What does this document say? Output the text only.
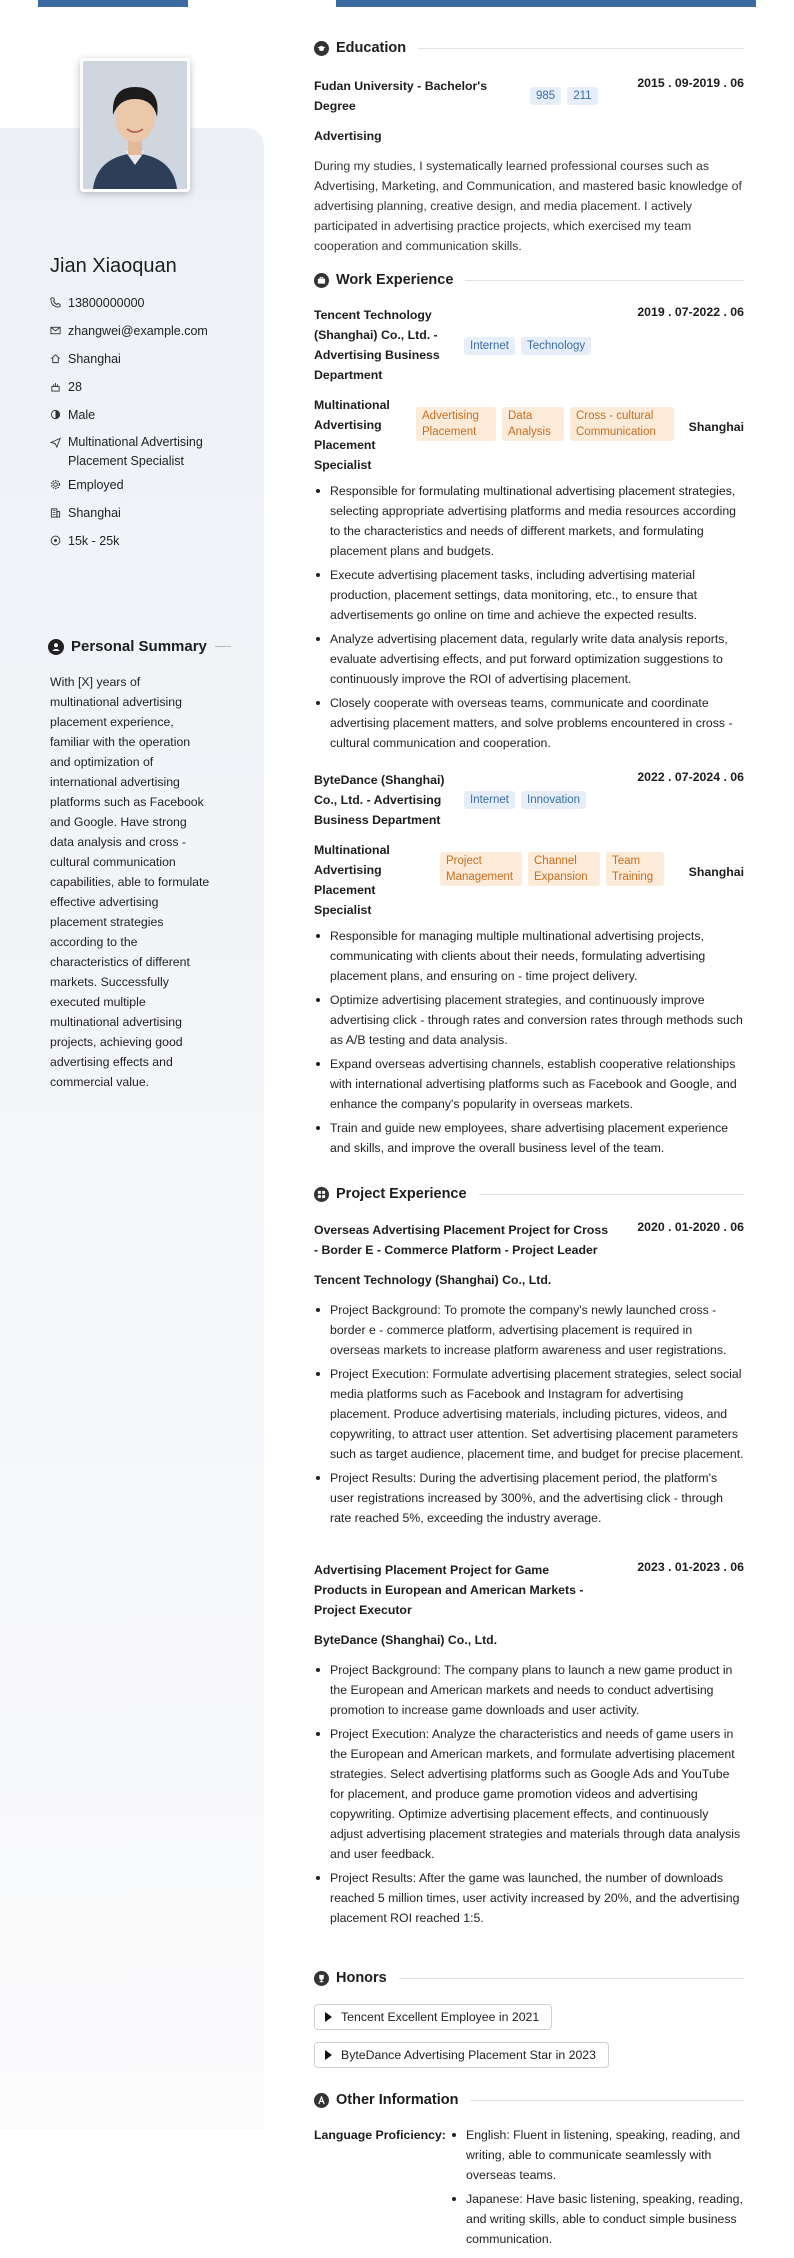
Jian Xiaoquan
13800000000
zhangwei@example.com
Shanghai
28
Male
Multinational Advertising Placement Specialist
Employed
Shanghai
15k - 25k
Personal Summary
With [X] years of multinational advertising placement experience, familiar with the operation and optimization of international advertising platforms such as Facebook and Google. Have strong data analysis and cross - cultural communication capabilities, able to formulate effective advertising placement strategies according to the characteristics of different markets. Successfully executed multiple multinational advertising projects, achieving good advertising effects and commercial value.
Education
Fudan University - Bachelor's Degree
985 211
2015 . 09-2019 . 06
Advertising
During my studies, I systematically learned professional courses such as Advertising, Marketing, and Communication, and mastered basic knowledge of advertising planning, creative design, and media placement. I actively participated in advertising practice projects, which exercised my team cooperation and communication skills.
Work Experience
Tencent Technology (Shanghai) Co., Ltd. - Advertising Business Department
Internet Technology
2019 . 07-2022 . 06
Multinational Advertising Placement Specialist
Advertising Placement
Data Analysis
Cross - cultural Communication	Shanghai
Responsible for formulating multinational advertising placement strategies, selecting appropriate advertising platforms and media resources according to the characteristics and needs of different markets, and formulating placement plans and budgets.
Execute advertising placement tasks, including advertising material production, placement settings, data monitoring, etc., to ensure that advertisements go online on time and achieve the expected results.
Analyze advertising placement data, regularly write data analysis reports, evaluate advertising effects, and put forward optimization suggestions to continuously improve the ROI of advertising placement.
Closely cooperate with overseas teams, communicate and coordinate advertising placement matters, and solve problems encountered in cross - cultural communication and cooperation.
ByteDance (Shanghai) Co., Ltd. - Advertising Business Department
Internet Innovation
2022 . 07-2024 . 06
Multinational Advertising Placement Specialist
Project Management
Channel Expansion
Team Training	Shanghai
Responsible for managing multiple multinational advertising projects, communicating with clients about their needs, formulating advertising placement plans, and ensuring on - time project delivery.
Optimize advertising placement strategies, and continuously improve advertising click - through rates and conversion rates through methods such as A/B testing and data analysis.
Expand overseas advertising channels, establish cooperative relationships with international advertising platforms such as Facebook and Google, and enhance the company's popularity in overseas markets.
Train and guide new employees, share advertising placement experience and skills, and improve the overall business level of the team.
Project Experience
Overseas Advertising Placement Project for Cross - Border E - Commerce Platform - Project Leader
2020 . 01-2020 . 06
Tencent Technology (Shanghai) Co., Ltd.
Project Background: To promote the company's newly launched cross - border e - commerce platform, advertising placement is required in overseas markets to increase platform awareness and user registrations.
Project Execution: Formulate advertising placement strategies, select social media platforms such as Facebook and Instagram for advertising placement. Produce advertising materials, including pictures, videos, and copywriting, to attract user attention. Set advertising placement parameters such as target audience, placement time, and budget for precise placement.
Project Results: During the advertising placement period, the platform's user registrations increased by 300%, and the advertising click - through rate reached 5%, exceeding the industry average.
Advertising Placement Project for Game Products in European and American Markets - Project Executor
2023 . 01-2023 . 06
ByteDance (Shanghai) Co., Ltd.
Project Background: The company plans to launch a new game product in the European and American markets and needs to conduct advertising promotion to increase game downloads and user activity.
Project Execution: Analyze the characteristics and needs of game users in the European and American markets, and formulate advertising placement strategies. Select advertising platforms such as Google Ads and YouTube for placement, and produce game promotion videos and advertising copywriting. Optimize advertising placement effects, and continuously adjust advertising placement strategies and materials through data analysis and user feedback.
Project Results: After the game was launched, the number of downloads reached 5 million times, user activity increased by 20%, and the advertising placement ROI reached 1:5.
Honors
Tencent Excellent Employee in 2021
ByteDance Advertising Placement Star in 2023
Other Information
Language Proficiency:	English: Fluent in listening, speaking, reading, and writing, able to communicate seamlessly with overseas teams.
Japanese: Have basic listening, speaking, reading, and writing skills, able to conduct simple business communication.
